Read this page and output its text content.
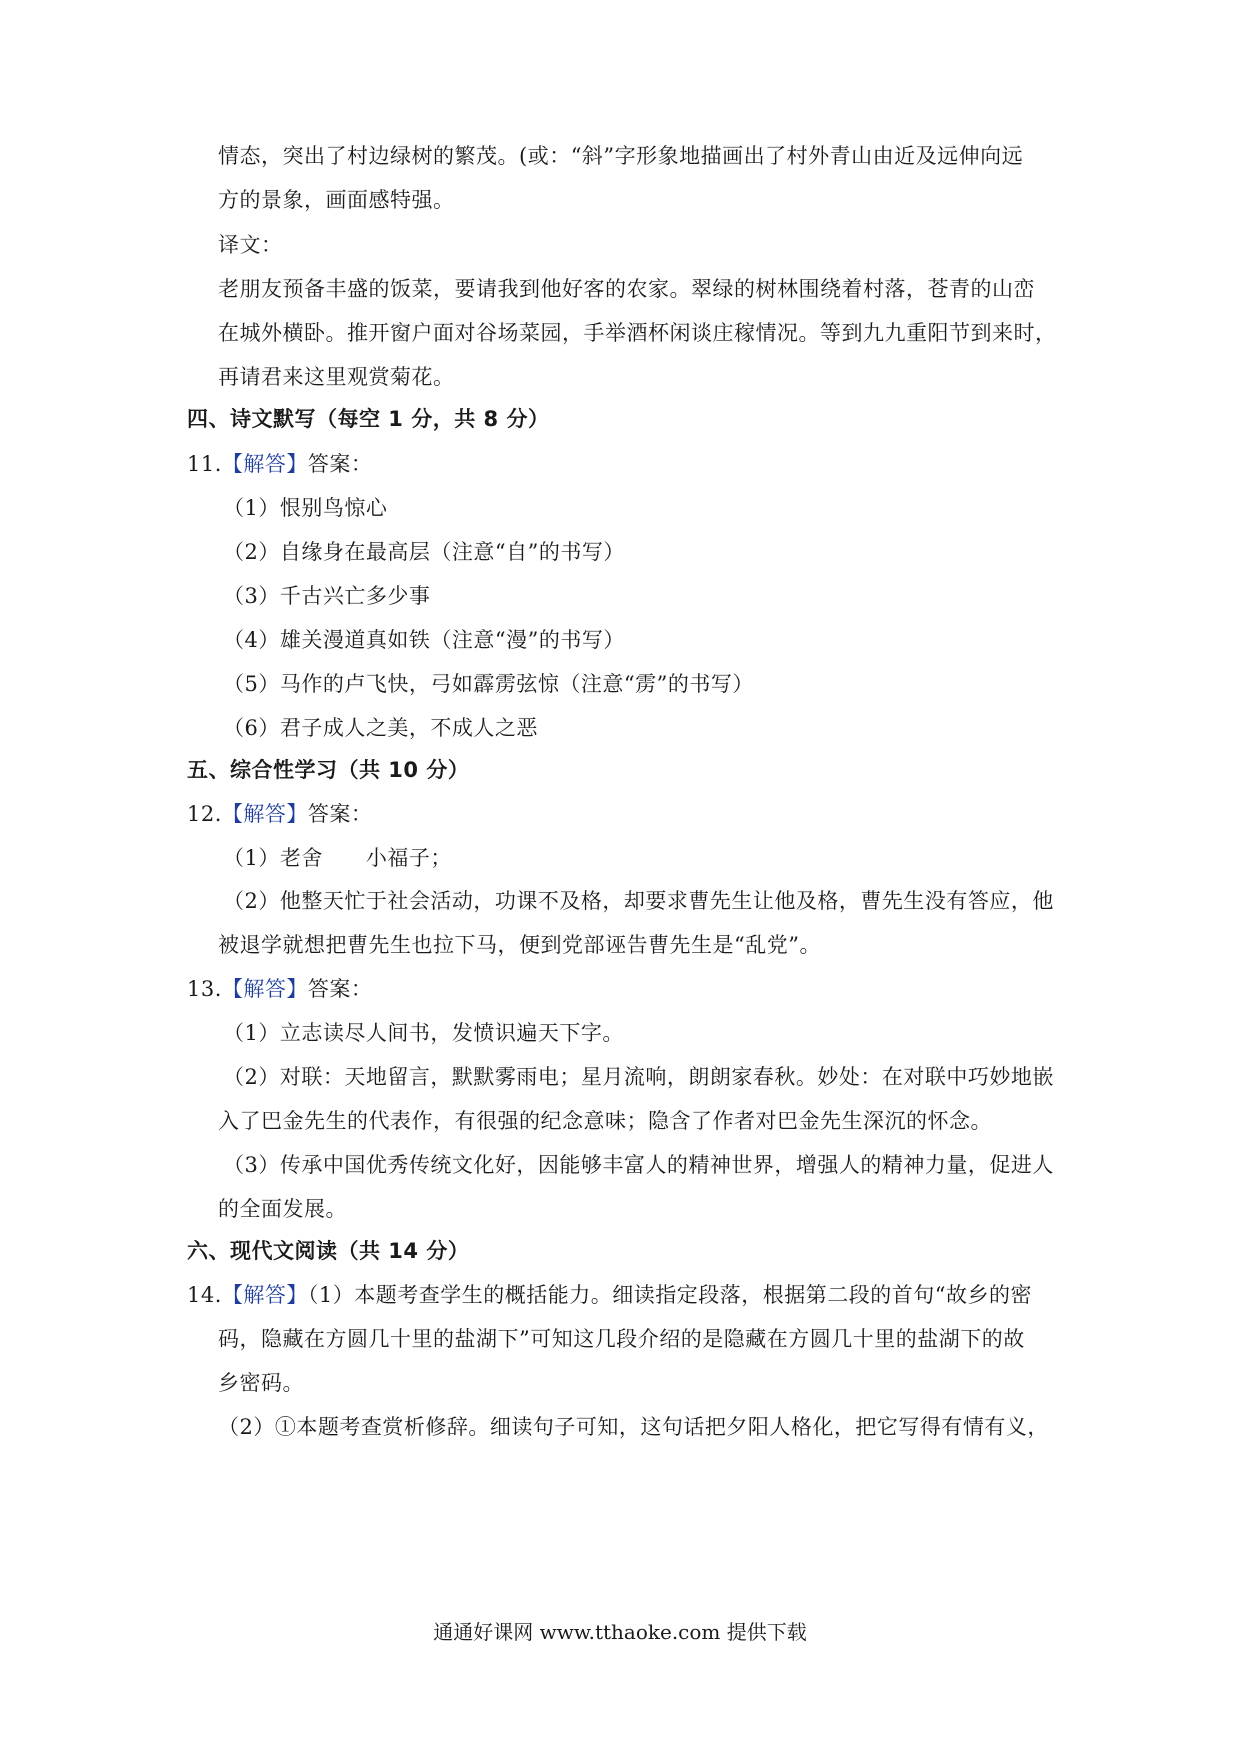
情态，突出了村边绿树的繁茂。(或：“斜”字形象地描画出了村外青山由近及远伸向远
方的景象，画面感特强。
译文：
老朋友预备丰盛的饭菜，要请我到他好客的农家。翠绿的树林围绕着村落，苍青的山峦
在城外横卧。推开窗户面对谷场菜园，手举酒杯闲谈庄稼情况。等到九九重阳节到来时，
再请君来这里观赏菊花。
四、诗文默写（每空 1 分，共 8 分）
11.【解答】答案：
（1）恨别鸟惊心
（2）自缘身在最高层（注意“自”的书写）
（3）千古兴亡多少事
（4）雄关漫道真如铁（注意“漫”的书写）
（5）马作的卢飞快，弓如霹雳弦惊（注意“雳”的书写）
（6）君子成人之美，不成人之恶
五、综合性学习（共 10 分）
12.【解答】答案：
（1）老舍　　小福子；
（2）他整天忙于社会活动，功课不及格，却要求曹先生让他及格，曹先生没有答应，他
被退学就想把曹先生也拉下马，便到党部诬告曹先生是“乱党”。
13.【解答】答案：
（1）立志读尽人间书，发愤识遍天下字。
（2）对联：天地留言，默默雾雨电；星月流响，朗朗家春秋。妙处：在对联中巧妙地嵌
入了巴金先生的代表作，有很强的纪念意味；隐含了作者对巴金先生深沉的怀念。
（3）传承中国优秀传统文化好，因能够丰富人的精神世界，增强人的精神力量，促进人
的全面发展。
六、现代文阅读（共 14 分）
14.【解答】（1）本题考查学生的概括能力。细读指定段落，根据第二段的首句“故乡的密
码，隐藏在方圆几十里的盐湖下”可知这几段介绍的是隐藏在方圆几十里的盐湖下的故
乡密码。
（2）①本题考查赏析修辞。细读句子可知，这句话把夕阳人格化，把它写得有情有义，
通通好课网 www.tthaoke.com 提供下载
